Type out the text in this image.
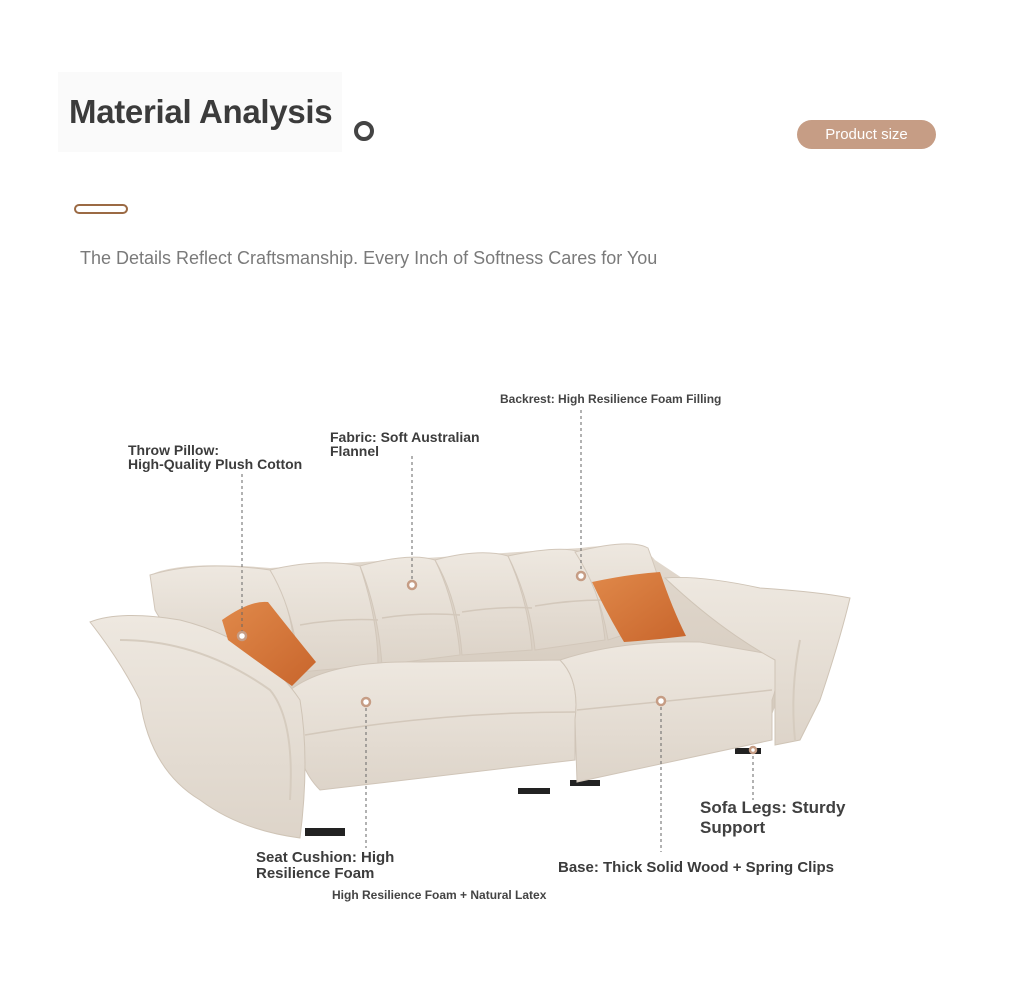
Material Analysis
Product size
The Details Reflect Craftsmanship. Every Inch of Softness Cares for You
Throw Pillow:
High-Quality Plush Cotton
Fabric: Soft Australian
Flannel
Backrest: High Resilience Foam Filling
Seat Cushion: High
Resilience Foam
High Resilience Foam + Natural Latex
Base: Thick Solid Wood + Spring Clips
Sofa Legs: Sturdy
Support
